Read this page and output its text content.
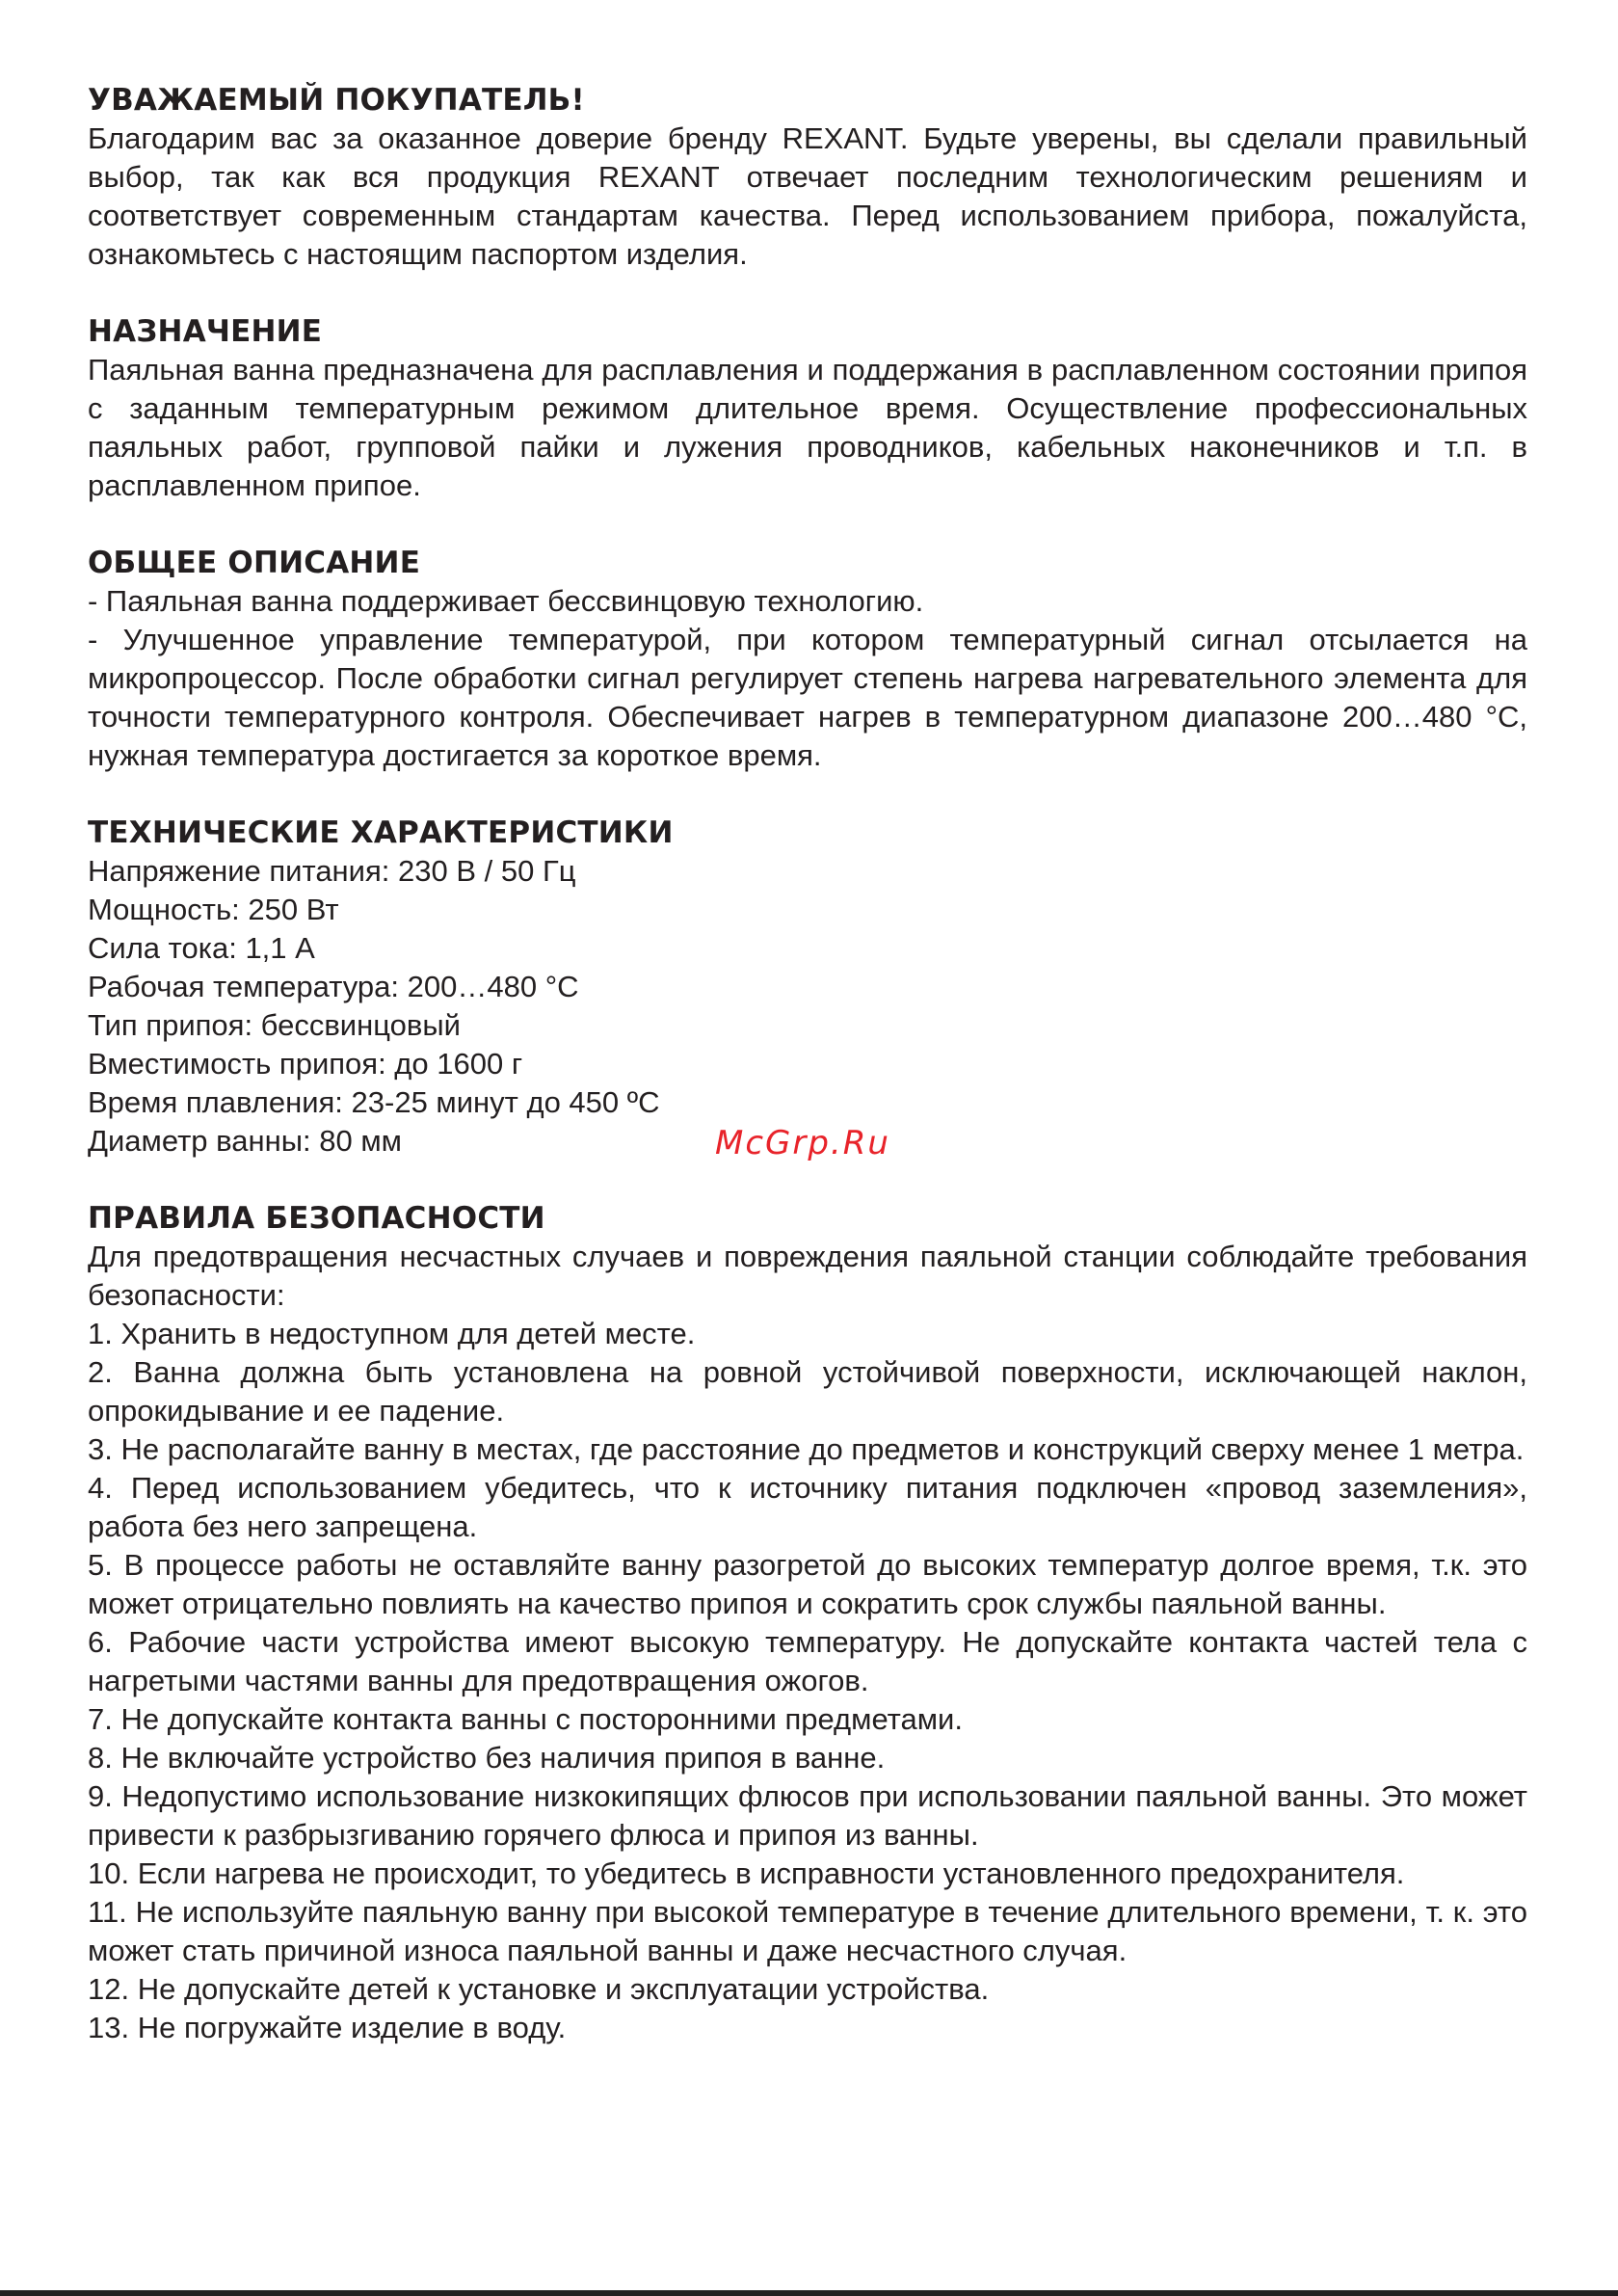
УВАЖАЕМЫЙ ПОКУПАТЕЛЬ!

Благодарим вас за оказанное доверие бренду REXANT. Будьте уверены, вы сделали правильный выбор, так как вся продукция REXANT отвечает последним технологическим решениям и соответствует современным стандартам качества. Перед использованием прибора, пожалуйста, ознакомьтесь с настоящим паспортом изделия.

НАЗНАЧЕНИЕ

Паяльная ванна предназначена для расплавления и поддержания в расплавленном состоянии припоя с заданным температурным режимом длительное время. Осуществление профессиональных паяльных работ, групповой пайки и лужения проводников, кабельных наконечников и т.п. в расплавленном припое.

ОБЩЕЕ ОПИСАНИЕ

- Паяльная ванна поддерживает бессвинцовую технологию.

- Улучшенное управление температурой, при котором температурный сигнал отсылается на микропроцессор. После обработки сигнал регулирует степень нагрева нагревательного элемента для точности температурного контроля. Обеспечивает нагрев в температурном диапазоне 200…480 °C, нужная температура достигается за короткое время.

ТЕХНИЧЕСКИЕ ХАРАКТЕРИСТИКИ

Напряжение питания: 230 В / 50 Гц

Мощность: 250 Вт

Сила тока: 1,1 А

Рабочая температура: 200…480 °C

Тип припоя: бессвинцовый

Вместимость припоя: до 1600 г

Время плавления: 23-25 минут до 450 ºC

Диаметр ванны: 80 мм

ПРАВИЛА БЕЗОПАСНОСТИ

Для предотвращения несчастных случаев и повреждения паяльной станции соблюдайте требования безопасности:

1. Хранить в недоступном для детей месте.

2. Ванна должна быть установлена на ровной устойчивой поверхности, исключающей наклон, опрокидывание и ее падение.

3. Не располагайте ванну в местах, где расстояние до предметов и конструкций сверху менее 1 метра.

4. Перед использованием убедитесь, что к источнику питания подключен «провод заземления», работа без него запрещена.

5. В процессе работы не оставляйте ванну разогретой до высоких температур долгое время, т.к. это может отрицательно повлиять на качество припоя и сократить срок службы паяльной ванны.

6. Рабочие части устройства имеют высокую температуру. Не допускайте контакта частей тела с нагретыми частями ванны для предотвращения ожогов.

7. Не допускайте контакта ванны с посторонними предметами.

8. Не включайте устройство без наличия припоя в ванне.

9. Недопустимо использование низкокипящих флюсов при использовании паяльной ванны. Это может привести к разбрызгиванию горячего флюса и припоя из ванны.

10. Если нагрева не происходит, то убедитесь в исправности установленного предохранителя.

11. Не используйте паяльную ванну при высокой температуре в течение длительного времени, т. к. это может стать причиной износа паяльной ванны и даже несчастного случая.

12. Не допускайте детей к установке и эксплуатации устройства.

13. Не погружайте изделие в воду.

McGrp.Ru
